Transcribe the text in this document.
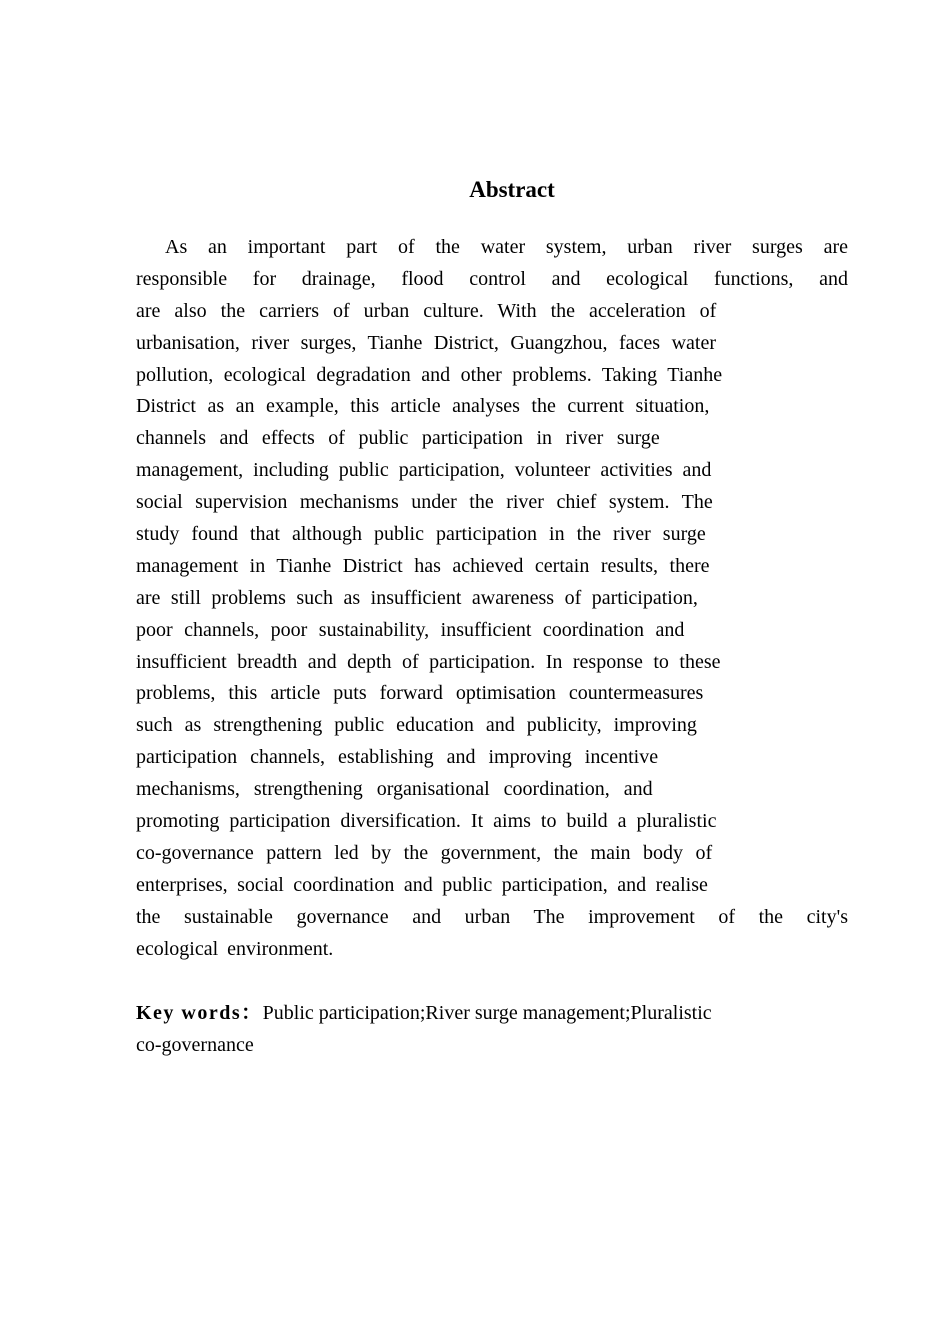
Abstract
As an important part of the water system, urban river surges are
responsible for drainage, flood control and ecological functions, and
are also the carriers of urban culture. With the acceleration of
urbanisation, river surges, Tianhe District, Guangzhou, faces water
pollution, ecological degradation and other problems. Taking Tianhe
District as an example, this article analyses the current situation,
channels and effects of public participation in river surge
management, including public participation, volunteer activities and
social supervision mechanisms under the river chief system. The
study found that although public participation in the river surge
management in Tianhe District has achieved certain results, there
are still problems such as insufficient awareness of participation,
poor channels, poor sustainability, insufficient coordination and
insufficient breadth and depth of participation. In response to these
problems, this article puts forward optimisation countermeasures
such as strengthening public education and publicity, improving
participation channels, establishing and improving incentive
mechanisms, strengthening organisational coordination, and
promoting participation diversification. It aims to build a pluralistic
co-governance pattern led by the government, the main body of
enterprises, social coordination and public participation, and realise
the sustainable governance and urban The improvement of the city's
ecological environment.
Key words：Public participation;River surge management;Pluralistic
co-governance
